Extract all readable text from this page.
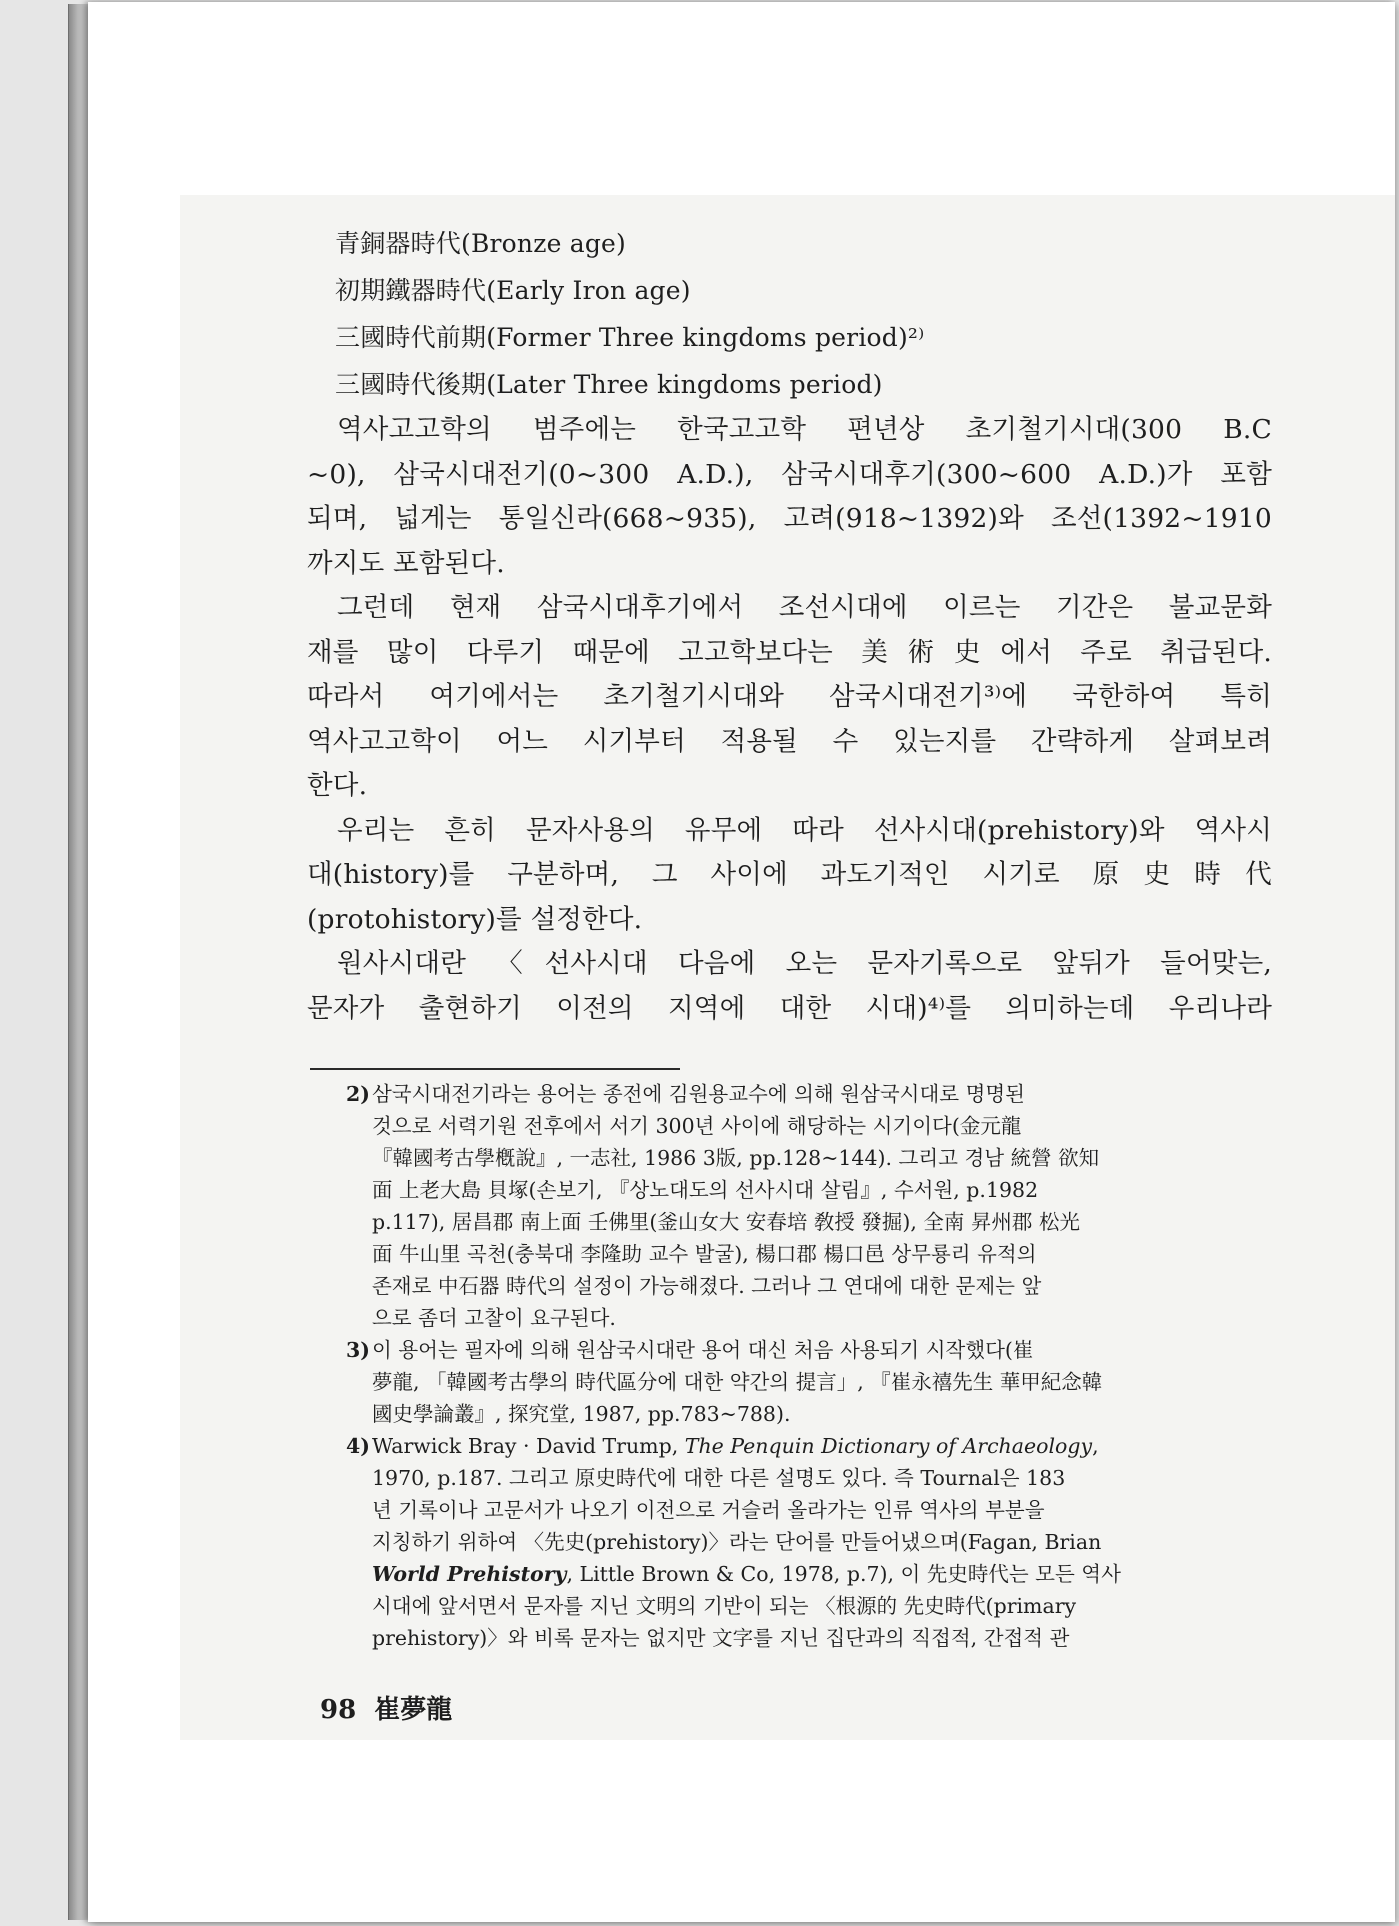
青銅器時代(Bronze age)
初期鐵器時代(Early Iron age)
三國時代前期(Former Three kingdoms period)²⁾
三國時代後期(Later Three kingdoms period)
역사고고학의 범주에는 한국고고학 편년상 초기철기시대(300 B.C
~0), 삼국시대전기(0~300 A.D.), 삼국시대후기(300~600 A.D.)가 포함
되며, 넓게는 통일신라(668~935), 고려(918~1392)와 조선(1392~1910
까지도 포함된다.
그런데 현재 삼국시대후기에서 조선시대에 이르는 기간은 불교문화
재를 많이 다루기 때문에 고고학보다는 美術史에서 주로 취급된다.
따라서 여기에서는 초기철기시대와 삼국시대전기³⁾에 국한하여 특히
역사고고학이 어느 시기부터 적용될 수 있는지를 간략하게 살펴보려
한다.
우리는 흔히 문자사용의 유무에 따라 선사시대(prehistory)와 역사시
대(history)를 구분하며, 그 사이에 과도기적인 시기로 原史時代
(protohistory)를 설정한다.
원사시대란 〈선사시대 다음에 오는 문자기록으로 앞뒤가 들어맞는,
문자가 출현하기 이전의 지역에 대한 시대)⁴⁾를 의미하는데 우리나라
2)삼국시대전기라는 용어는 종전에 김원용교수에 의해 원삼국시대로 명명된
것으로 서력기원 전후에서 서기 300년 사이에 해당하는 시기이다(金元龍
『韓國考古學槪說』, 一志社, 1986 3版, pp.128~144). 그리고 경남 統營 欲知
面 上老大島 貝塚(손보기, 『상노대도의 선사시대 살림』, 수서원, p.1982
p.117), 居昌郡 南上面 壬佛里(釜山女大 安春培 敎授 發掘), 全南 昇州郡 松光
面 牛山里 곡천(충북대 李隆助 교수 발굴), 楊口郡 楊口邑 상무룡리 유적의
존재로 中石器 時代의 설정이 가능해졌다. 그러나 그 연대에 대한 문제는 앞
으로 좀더 고찰이 요구된다.
3)이 용어는 필자에 의해 원삼국시대란 용어 대신 처음 사용되기 시작했다(崔
夢龍, 「韓國考古學의 時代區分에 대한 약간의 提言」, 『崔永禧先生 華甲紀念韓
國史學論叢』, 探究堂, 1987, pp.783~788).
4)Warwick Bray · David Trump, The Penquin Dictionary of Archaeology,
1970, p.187. 그리고 原史時代에 대한 다른 설명도 있다. 즉 Tournal은 183
년 기록이나 고문서가 나오기 이전으로 거슬러 올라가는 인류 역사의 부분을
지칭하기 위하여 〈先史(prehistory)〉라는 단어를 만들어냈으며(Fagan, Brian
World Prehistory, Little Brown & Co, 1978, p.7), 이 先史時代는 모든 역사
시대에 앞서면서 문자를 지닌 文明의 기반이 되는 〈根源的 先史時代(primary
prehistory)〉와 비록 문자는 없지만 文字를 지닌 집단과의 직접적, 간접적 관
98 崔夢龍
